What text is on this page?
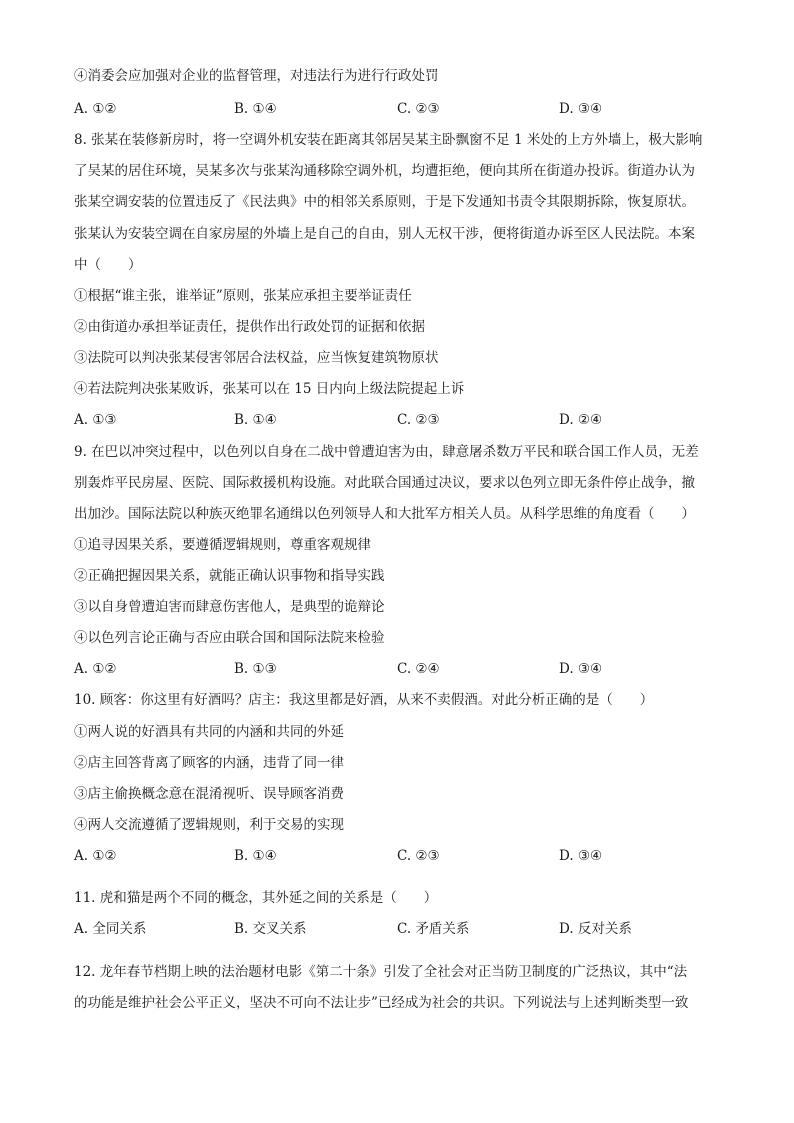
④消委会应加强对企业的监督管理，对违法行为进行行政处罚
A. ①②	B. ①④	C. ②③	D. ③④
8. 张某在装修新房时，将一空调外机安装在距离其邻居吴某主卧飘窗不足 1 米处的上方外墙上，极大影响
了吴某的居住环境，吴某多次与张某沟通移除空调外机，均遭拒绝，便向其所在街道办投诉。街道办认为
张某空调安装的位置违反了《民法典》中的相邻关系原则，于是下发通知书责令其限期拆除，恢复原状。
张某认为安装空调在自家房屋的外墙上是自己的自由，别人无权干涉，便将街道办诉至区人民法院。本案
中（　　）
①根据“谁主张，谁举证”原则，张某应承担主要举证责任
②由街道办承担举证责任，提供作出行政处罚的证据和依据
③法院可以判决张某侵害邻居合法权益，应当恢复建筑物原状
④若法院判决张某败诉，张某可以在 15 日内向上级法院提起上诉
A. ①③	B. ①④	C. ②③	D. ②④
9. 在巴以冲突过程中，以色列以自身在二战中曾遭迫害为由，肆意屠杀数万平民和联合国工作人员，无差
别轰炸平民房屋、医院、国际救援机构设施。对此联合国通过决议，要求以色列立即无条件停止战争，撤
出加沙。国际法院以种族灭绝罪名通缉以色列领导人和大批军方相关人员。从科学思维的角度看（　　）
①追寻因果关系，要遵循逻辑规则，尊重客观规律
②正确把握因果关系，就能正确认识事物和指导实践
③以自身曾遭迫害而肆意伤害他人，是典型的诡辩论
④以色列言论正确与否应由联合国和国际法院来检验
A. ①②	B. ①③	C. ②④	D. ③④
10. 顾客：你这里有好酒吗？店主：我这里都是好酒，从来不卖假酒。对此分析正确的是（　　）
①两人说的好酒具有共同的内涵和共同的外延
②店主回答背离了顾客的内涵，违背了同一律
③店主偷换概念意在混淆视听、误导顾客消费
④两人交流遵循了逻辑规则，利于交易的实现
A. ①②	B. ①④	C. ②③	D. ③④
11. 虎和猫是两个不同的概念，其外延之间的关系是（　　）
A. 全同关系	B. 交叉关系	C. 矛盾关系	D. 反对关系
12. 龙年春节档期上映的法治题材电影《第二十条》引发了全社会对正当防卫制度的广泛热议，其中“法
的功能是维护社会公平正义，坚决不可向不法让步”已经成为社会的共识。下列说法与上述判断类型一致
